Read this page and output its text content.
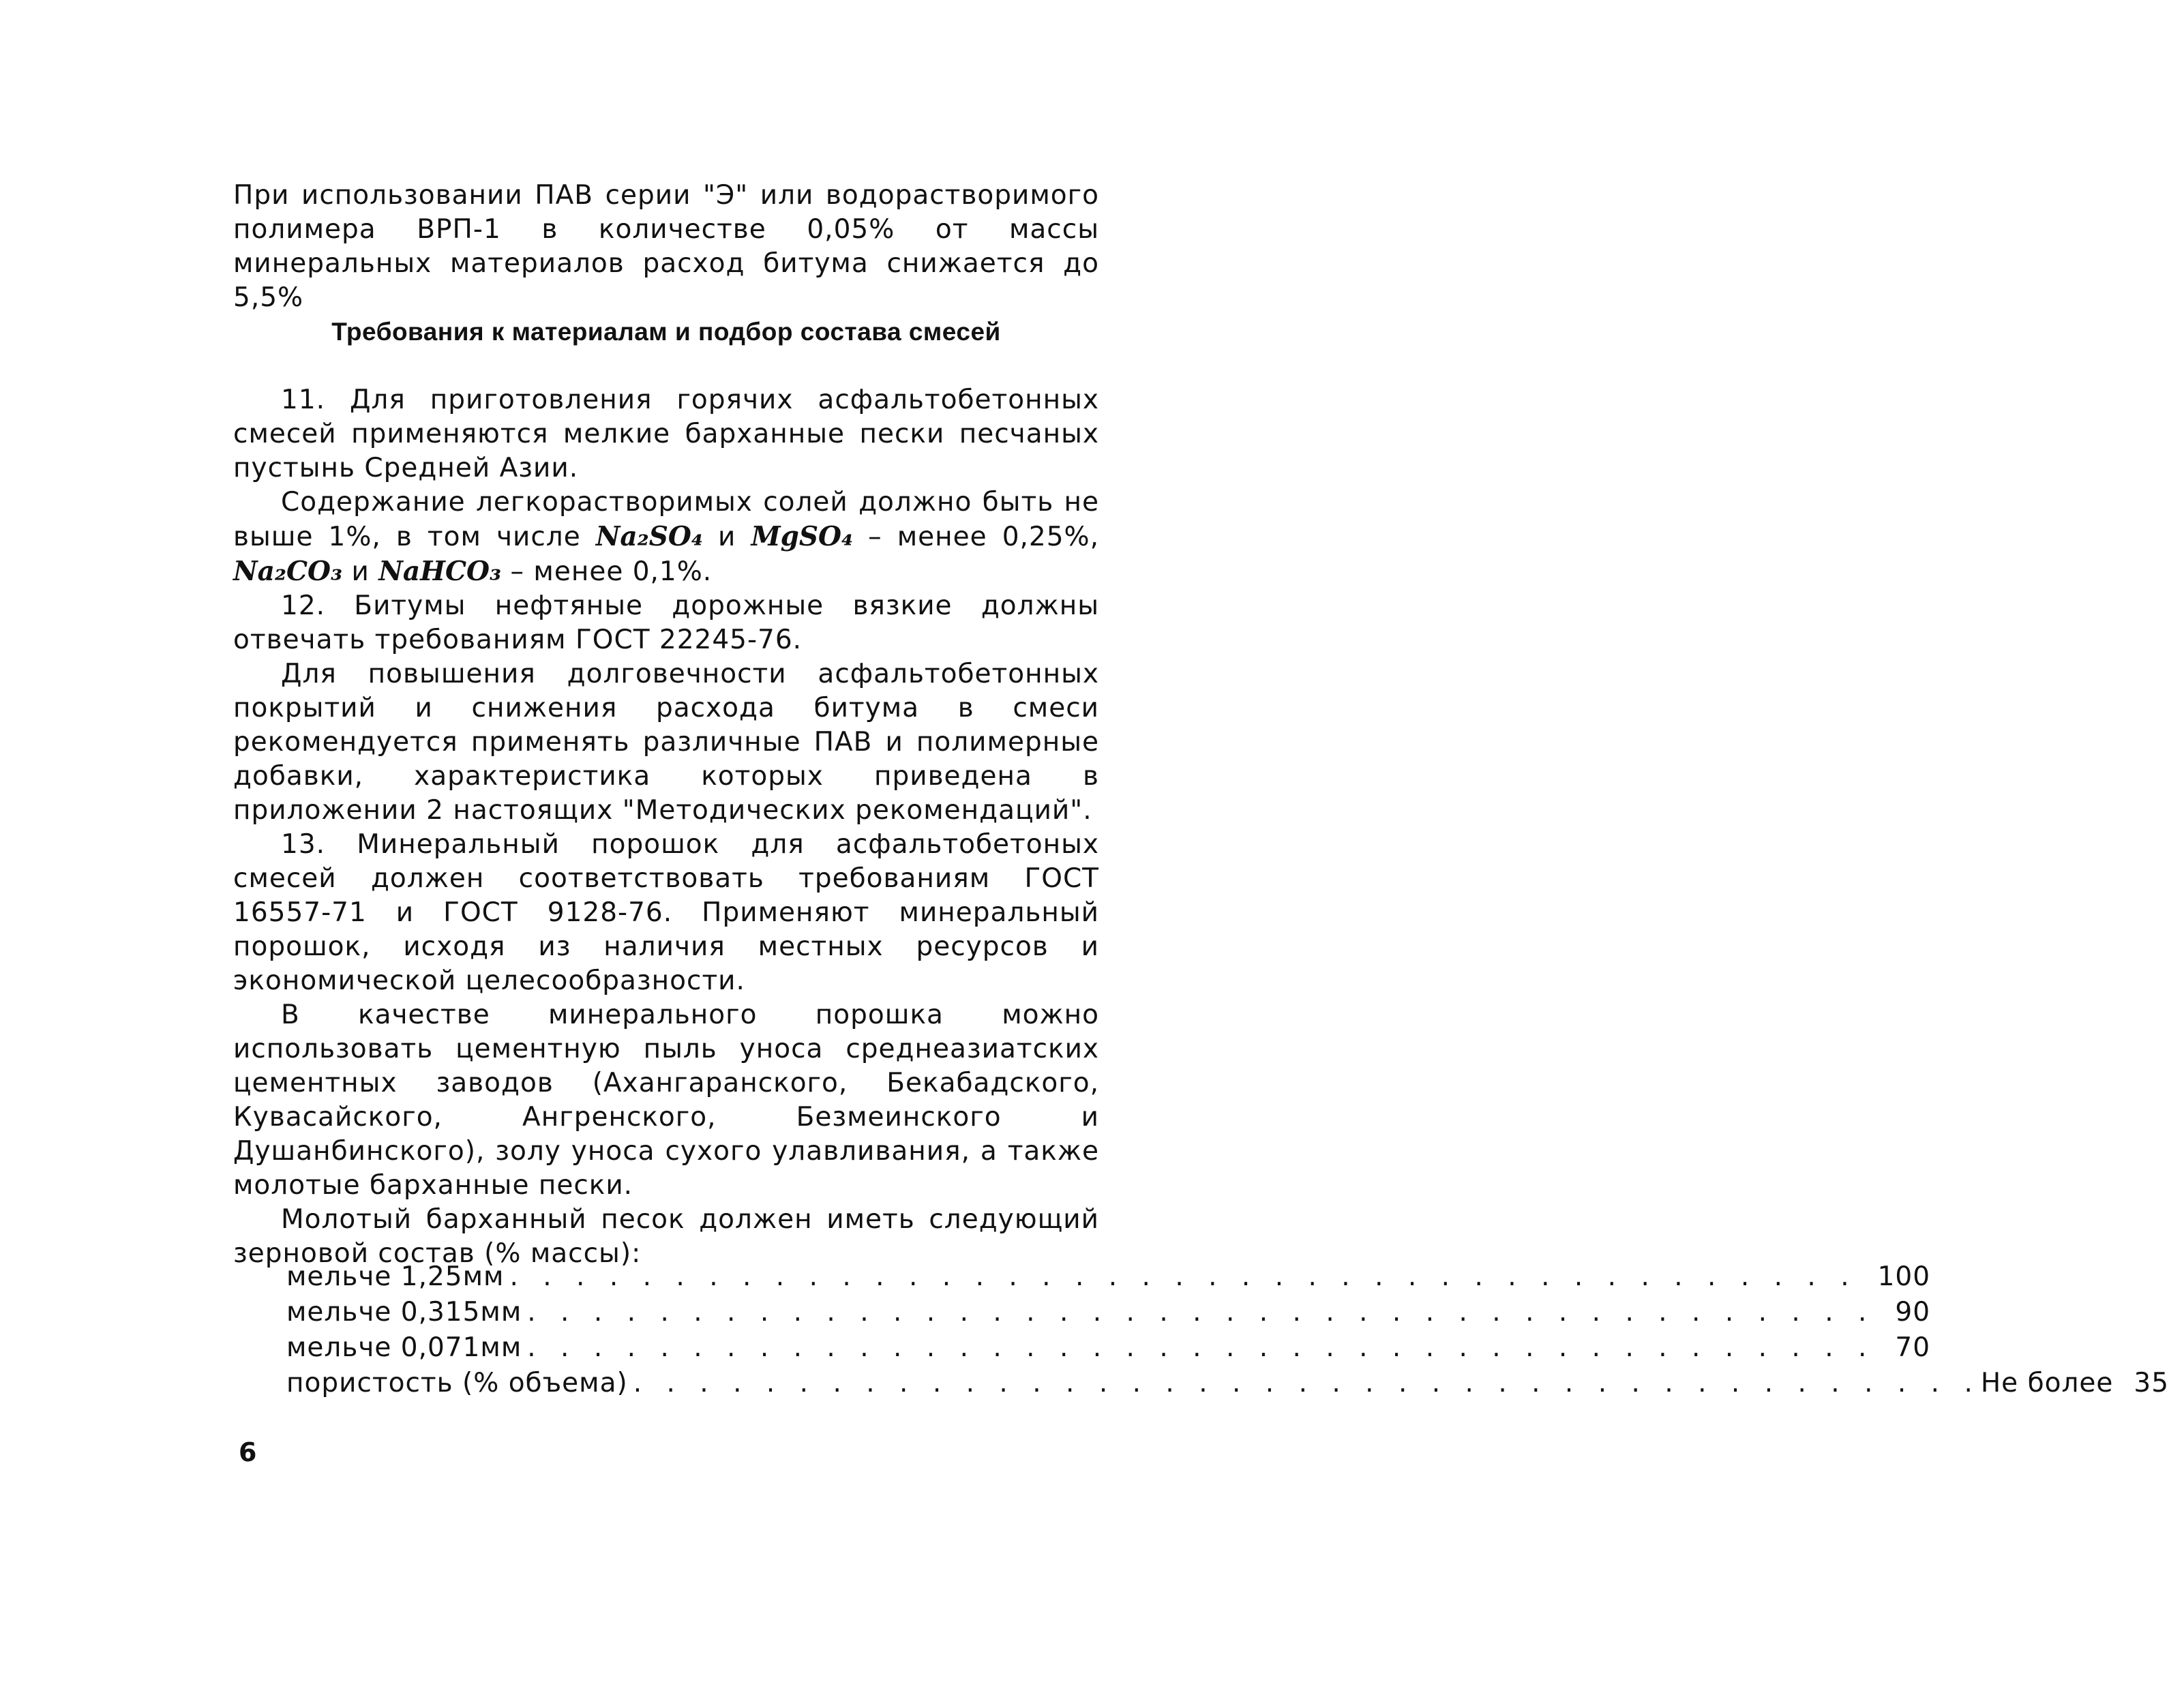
При использовании ПАВ серии "Э" или водорастворимого полимера ВРП-1 в количестве 0,05% от массы минеральных материалов расход битума снижается до 5,5%

Требования к материалам и подбор состава смесей

11. Для приготовления горячих асфальтобетонных смесей применяются мелкие барханные пески песчаных пустынь Средней Азии.

Содержание легкорастворимых солей должно быть не выше 1%, в том числе Na₂SO₄ и MgSO₄ – менее 0,25%, Na₂CO₃ и NaHCO₃ – менее 0,1%.

12. Битумы нефтяные дорожные вязкие должны отвечать требованиям ГОСТ 22245-76.

Для повышения долговечности асфальтобетонных покрытий и снижения расхода битума в смеси рекомендуется применять различные ПАВ и полимерные добавки, характеристика которых приведена в приложении 2 настоящих "Методических рекомендаций".

13. Минеральный порошок для асфальтобетоных смесей должен соответствовать требованиям ГОСТ 16557-71 и ГОСТ 9128-76. Применяют минеральный порошок, исходя из наличия местных ресурсов и экономической целесообразности.

В качестве минерального порошка можно использовать цементную пыль уноса среднеазиатских цементных заводов (Ахангаранского, Бекабадского, Кувасайского, Ангренского, Безмеинского и Душанбинского), золу уноса сухого улавливания, а также молотые барханные пески.

Молотый барханный песок должен иметь следующий зерновой состав (% массы):

мельче 1,25мм . . . . . . . . . . . . . . . . . . . . . . . . . . . . . . . . . . . . . . . . . 100
мельче 0,315мм . . . . . . . . . . . . . . . . . . . . . . . . . . . . . . . . . . . . . . . . . 90
мельче 0,071мм . . . . . . . . . . . . . . . . . . . . . . . . . . . . . . . . . . . . . . . . . 70
пористость (% объема) . . . . . . . . . . . . . . . . . . . . . . . . . . . . . . . . . . . . . . . . . Не более 35
6
